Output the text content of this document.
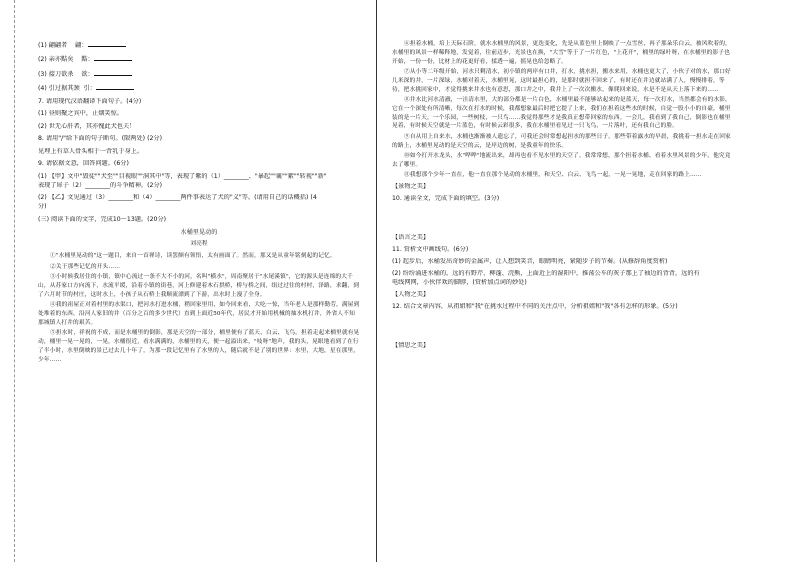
(1) 翩翩者 翩：

(2) 亲亦黠矣 黠：

(3) 接刀欲杀 欲：

(4) 引过据其颈 引：

7. 请用现代汉语翻译下面句子。(4分)

(1) 昼则聚之宾中，止烟笑惊。

(2) 世无心肝者，其亦愧此犬也夫！

8. 请用"/"给下面的句子断句。(限两处) (2分)

见埋上有草人骨头相于一背乳于身上。

9. 请依据文意，回答问题。(6分)

(1) 【甲】文中"毁徒""犬至""目视眼""洞其中"等，表现了紫的（1）________、"暴起""襄""絮""转视""新"

表现了犀子（2）________的斗争精神。(2分)

(2) 【乙】文见通过（3）________和（4）________两件事表达了犬的"义"等。(请用自己的话概括) (4

分)

(三) 阅读下面的文字，完成10～13题。(20分)

水桶里晃动的

刘亮程

①"水桶里晃动的"这一题目，来自一首禅诗，读罢颇有领悟，太有画面了。然而，那又是从童年铭刻起的记忆。

②关于那些记忆的开头……

③小时候我居住的小镇，镇中心流过一条不大不小的河，名叫"横水"，周南聚居于"水尾溪镇"，它的源头是连绵的大千山，从苏家口方向流下，水流平缓，沿着小镇的街巷，河上修建着木石拱桥，桥与桥之间，组过过往的村村，泽路，求翻，到了六月时节的村庄，这时水上，小孩子从石桥上我顺流漂到了下游，出水时上漫了全身。

④我的祖屋正对着村里的水渠口，把河水打进水桶，稍回家里用，如今回来看，大吃一惊，当年老人是那样勤劳，满屋到处堆着的东西，沿河人家旧的井（百分之百的多少世代）直到上面近50年代，居民才开始用机械的抽水机打井，外省人不知那城镇人打井的艰苦。

⑤担水时，祥祝的不成，而是水桶里的倒影，那是天空的一部分，桶里便有了蓝天、白云、飞鸟，担着走起来桶里就有晃动，桶里一晃一晃的，一晃，水桶很近，看水满满的，水桶里的天，便一起溢出来，"吱呀"地声，我的头，晃眼地看到了在行了半小时，水里倒映的景已过去几十年了，为那一段记忆里有了水里的人，随后就不是了别的世界：水里，大地，星在那里，少年……

⑥担着水桶，培上天际石阶，就水水桶里的风景，更迭变化，先是从蓝色里上倒映了一点雪丝，再子那朵乐白云，被风吹着的，水桶里的风景一样稀释地，发觉着，往前迈步，光景也在换，"大雪"等于了一片红色，"上花开"，桶里的绿叶呀，在水桶里的影子也开始，一份一份，比材上的花更好看，揉透一遍，摇晃也给忽略了。

⑦从小等二年级开始，河水只剩清水，初小镇的两岸有口井，打水，挑水担，搬水来用，水桶也更大了，小伙子对的水，那口好几米深的井，一片深绿，水桶对着天，水桶里晃，这时最担心的，是那时就担不回来了，有时还在井边就站满了人，慢慢排着，等待，把水挑回家中，才觉得挑来井水也有意思，那口井之中，我井上了一次次搬水，像爬回来说，水是不是从天上落下来的……

⑧井水比河水清澈，一洼清水里，大的部分都是一片白色，水桶里最不能够站起来的是蓝天，每一次打水，当然都会有的水影，它在一个深处有所清晰，每次在打水的时候，我都想象最后时把它提了上来，我们在担着这些水的时候，自觉一股小小的自豪，桶里装的是一片天，一个乐园，一些树枝，一只鸟……我觉得那些才是我真正想带回家的东西。一会儿，我看到了我自己，倒影也在桶里晃着，有时候天空就是一片蓝色，有时候云彩很多，我在水桶里看见过一只飞鸟，一片落叶，还有我自己的脸。

⑨自从用上自来水，水桶也渐渐被人遗忘了，可我还会时常想起担水的那些日子。那些带着露水的早晨，我挑着一担水走在回家的路上，水桶里晃动的是天空的云，是岸边的树，是我童年的快乐。

⑩如今打开水龙头，水"哗哗"地流出来，却再也看不见水里的天空了。我常常想，那个担着水桶、看着水里风景的少年，他究竟去了哪里。

⑪我想那个少年一直在，他一直在那个晃动的水桶里，和天空、白云、飞鸟一起，一晃一晃地，走在回家的路上……

【景物之美】

10. 通读全文，完成下面的填空。(3分)

【语言之美】

11. 赏析文中画线句。(6分)

(1) 起步后，水桶发出奇妙的金属声，让人想到笑音，眼睛明亮，紧随步子的节奏。(从修辞角度赏析)

(2) 纷纷涌进水桶的，远的有野芹、柳蓬、浣熊，上面近上的湿阳中，推荡公车的灰子那上了袖边的背背，远的有

电线网网，小伙伴欢的脚脖，(赏析加点词的妙处)

【人物之美】

12. 结合文章内容，从祖姐和"我"在挑水过程中不同的关注点中，分析祖姐和"我"各有怎样的形象。(5分)

【情思之美】
